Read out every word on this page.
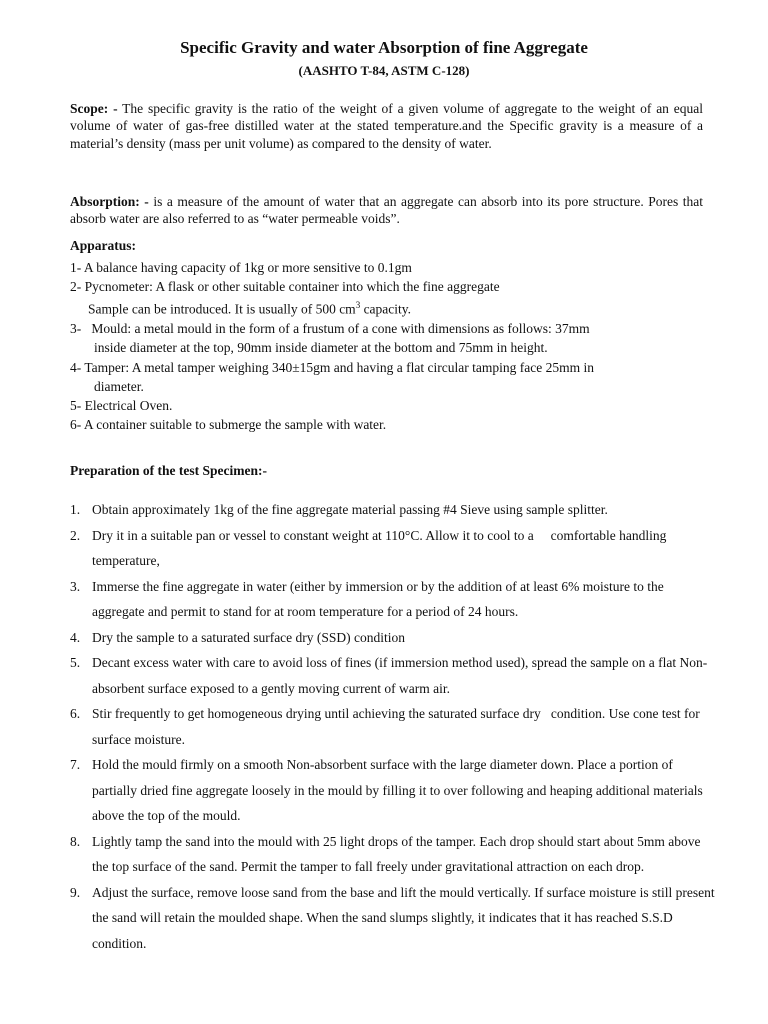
Specific Gravity and water Absorption of fine Aggregate
(AASHTO T-84, ASTM C-128)

Scope: - The specific gravity is the ratio of the weight of a given volume of aggregate to the weight of an equal volume of water of gas-free distilled water at the stated temperature.and the Specific gravity is a measure of a material’s density (mass per unit volume) as compared to the density of water.

Absorption: - is a measure of the amount of water that an aggregate can absorb into its pore structure. Pores that absorb water are also referred to as “water permeable voids”.

Apparatus:
1- A balance having capacity of 1kg or more sensitive to 0.1gm
2- Pycnometer: A flask or other suitable container into which the fine aggregate
Sample can be introduced. It is usually of 500 $cm^3$ capacity.
3-   Mould: a metal mould in the form of a frustum of a cone with dimensions as follows: 37mm
inside diameter at the top, 90mm inside diameter at the bottom and 75mm in height.
4- Tamper: A metal tamper weighing 340±15gm and having a flat circular tamping face 25mm in
diameter.
5- Electrical Oven.
6- A container suitable to submerge the sample with water.
Preparation of the test Specimen:-
1. Obtain approximately 1kg of the fine aggregate material passing #4 Sieve using sample splitter.
2. Dry it in a suitable pan or vessel to constant weight at 110°C. Allow it to cool to a     comfortable handling temperature,
3. Immerse the fine aggregate in water (either by immersion or by the addition of at least 6% moisture to the aggregate and permit to stand for at room temperature for a period of 24 hours.
4. Dry the sample to a saturated surface dry (SSD) condition
5. Decant excess water with care to avoid loss of fines (if immersion method used), spread the sample on a flat Non-absorbent surface exposed to a gently moving current of warm air.
6. Stir frequently to get homogeneous drying until achieving the saturated surface dry   condition. Use cone test for surface moisture.
7. Hold the mould firmly on a smooth Non-absorbent surface with the large diameter down. Place a portion of partially dried fine aggregate loosely in the mould by filling it to over following and heaping additional materials above the top of the mould.
8. Lightly tamp the sand into the mould with 25 light drops of the tamper. Each drop should start about 5mm above the top surface of the sand. Permit the tamper to fall freely under gravitational attraction on each drop.
9. Adjust the surface, remove loose sand from the base and lift the mould vertically. If surface moisture is still present the sand will retain the moulded shape. When the sand slumps slightly, it indicates that it has reached S.S.D condition.
